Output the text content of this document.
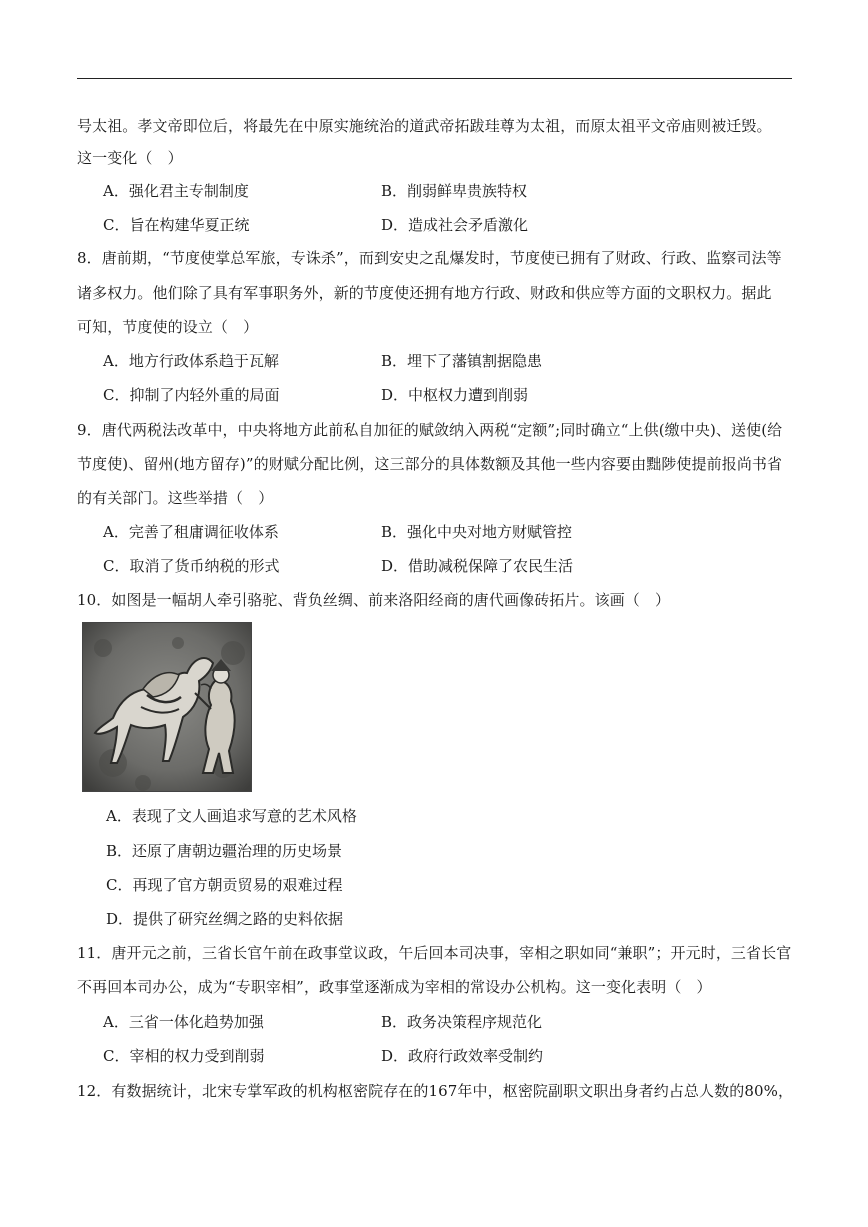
号太祖。孝文帝即位后，将最先在中原实施统治的道武帝拓跋珪尊为太祖，而原太祖平文帝庙则被迁毁。
这一变化（　）
A．强化君主专制制度	B．削弱鲜卑贵族特权
C．旨在构建华夏正统	D．造成社会矛盾激化
8．唐前期，“节度使掌总军旅，专诛杀”，而到安史之乱爆发时，节度使已拥有了财政、行政、监察司法等
诸多权力。他们除了具有军事职务外，新的节度使还拥有地方行政、财政和供应等方面的文职权力。据此
可知，节度使的设立（　）
A．地方行政体系趋于瓦解	B．埋下了藩镇割据隐患
C．抑制了内轻外重的局面	D．中枢权力遭到削弱
9．唐代两税法改革中，中央将地方此前私自加征的赋敛纳入两税“定额”;同时确立“上供(缴中央)、送使(给
节度使)、留州(地方留存)”的财赋分配比例，这三部分的具体数额及其他一些内容要由黜陟使提前报尚书省
的有关部门。这些举措（　）
A．完善了租庸调征收体系	B．强化中央对地方财赋管控
C．取消了货币纳税的形式	D．借助减税保障了农民生活
10．如图是一幅胡人牵引骆驼、背负丝绸、前来洛阳经商的唐代画像砖拓片。该画（　）
A．表现了文人画追求写意的艺术风格
B．还原了唐朝边疆治理的历史场景
C．再现了官方朝贡贸易的艰难过程
D．提供了研究丝绸之路的史料依据
11．唐开元之前，三省长官午前在政事堂议政，午后回本司决事，宰相之职如同“兼职”；开元时，三省长官
不再回本司办公，成为“专职宰相”，政事堂逐渐成为宰相的常设办公机构。这一变化表明（　）
A．三省一体化趋势加强	B．政务决策程序规范化
C．宰相的权力受到削弱	D．政府行政效率受制约
12．有数据统计，北宋专掌军政的机构枢密院存在的167年中，枢密院副职文职出身者约占总人数的80%，
